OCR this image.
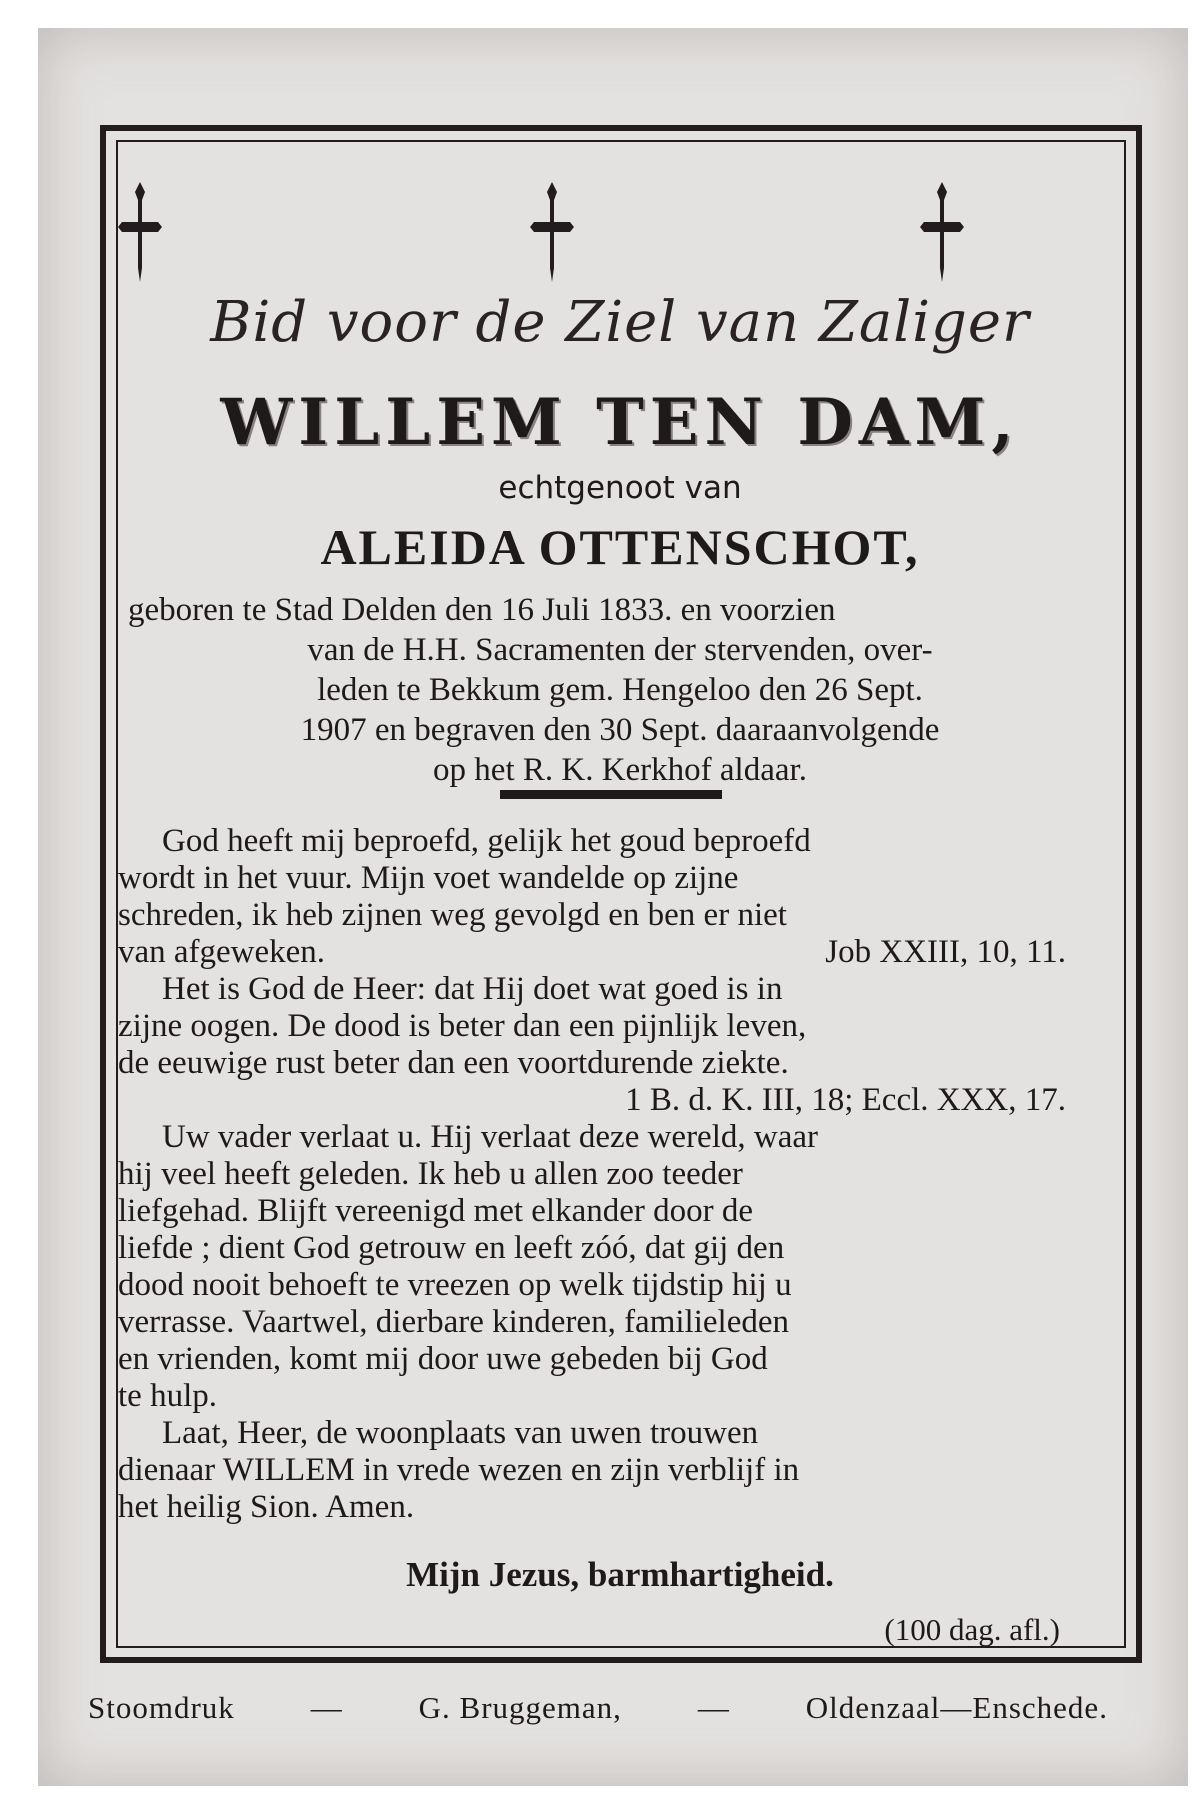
Bid voor de Ziel van Zaliger
WILLEM TEN DAM,
echtgenoot van
ALEIDA OTTENSCHOT,
geboren te Stad Delden den 16 Juli 1833. en voorzien
van de H.H. Sacramenten der stervenden, over-
leden te Bekkum gem. Hengeloo den 26 Sept.
1907 en begraven den 30 Sept. daaraanvolgende
op het R. K. Kerkhof aldaar.
God heeft mij beproefd, gelijk het goud beproefd
wordt in het vuur. Mijn voet wandelde op zijne
schreden, ik heb zijnen weg gevolgd en ben er niet
van afgeweken.	Job XXIII, 10, 11.
Het is God de Heer: dat Hij doet wat goed is in
zijne oogen. De dood is beter dan een pijnlijk leven,
de eeuwige rust beter dan een voortdurende ziekte.
1 B. d. K. III, 18; Eccl. XXX, 17.
Uw vader verlaat u. Hij verlaat deze wereld, waar
hij veel heeft geleden. Ik heb u allen zoo teeder
liefgehad. Blijft vereenigd met elkander door de
liefde ; dient God getrouw en leeft zóó, dat gij den
dood nooit behoeft te vreezen op welk tijdstip hij u
verrasse. Vaartwel, dierbare kinderen, familieleden
en vrienden, komt mij door uwe gebeden bij God
te hulp.
Laat, Heer, de woonplaats van uwen trouwen
dienaar WILLEM in vrede wezen en zijn verblijf in
het heilig Sion. Amen.
Mijn Jezus, barmhartigheid.
(100 dag. afl.)
Stoomdruk — G. Bruggeman, — Oldenzaal—Enschede.
